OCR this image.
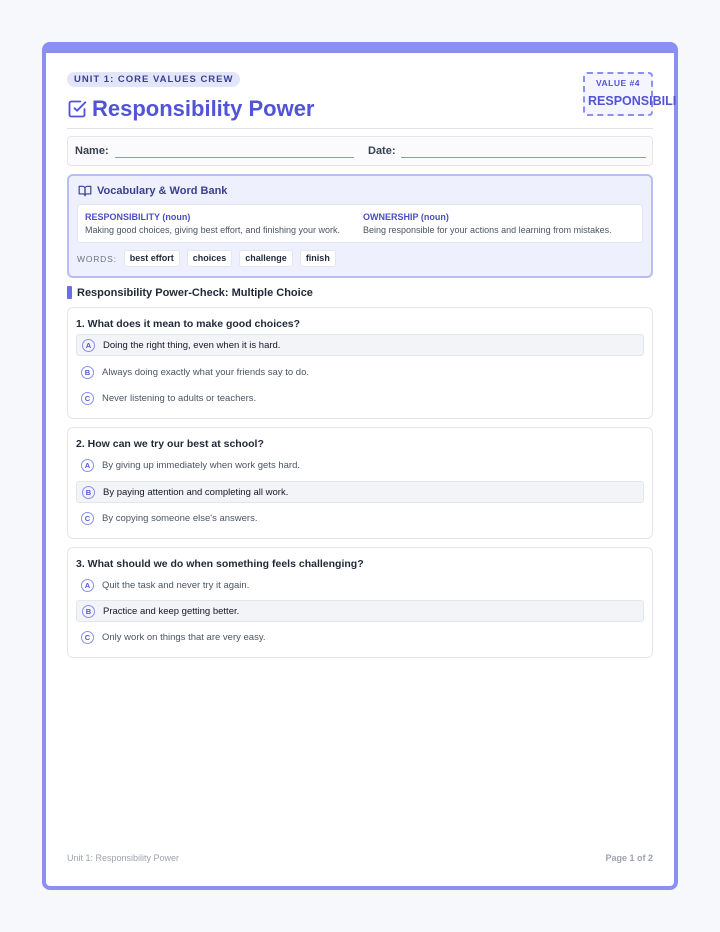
UNIT 1: CORE VALUES CREW
Responsibility Power
VALUE #4
RESPONSIBILI
Name:	Date:
Vocabulary & Word Bank
RESPONSIBILITY (noun)
Making good choices, giving best effort, and finishing your work.
OWNERSHIP (noun)
Being responsible for your actions and learning from mistakes.
WORDS:	best effort	choices	challenge	finish
Responsibility Power-Check: Multiple Choice
1. What does it mean to make good choices?
A	Doing the right thing, even when it is hard.
B	Always doing exactly what your friends say to do.
C	Never listening to adults or teachers.
2. How can we try our best at school?
A	By giving up immediately when work gets hard.
B	By paying attention and completing all work.
C	By copying someone else's answers.
3. What should we do when something feels challenging?
A	Quit the task and never try it again.
B	Practice and keep getting better.
C	Only work on things that are very easy.
Unit 1: Responsibility Power	Page 1 of 2
